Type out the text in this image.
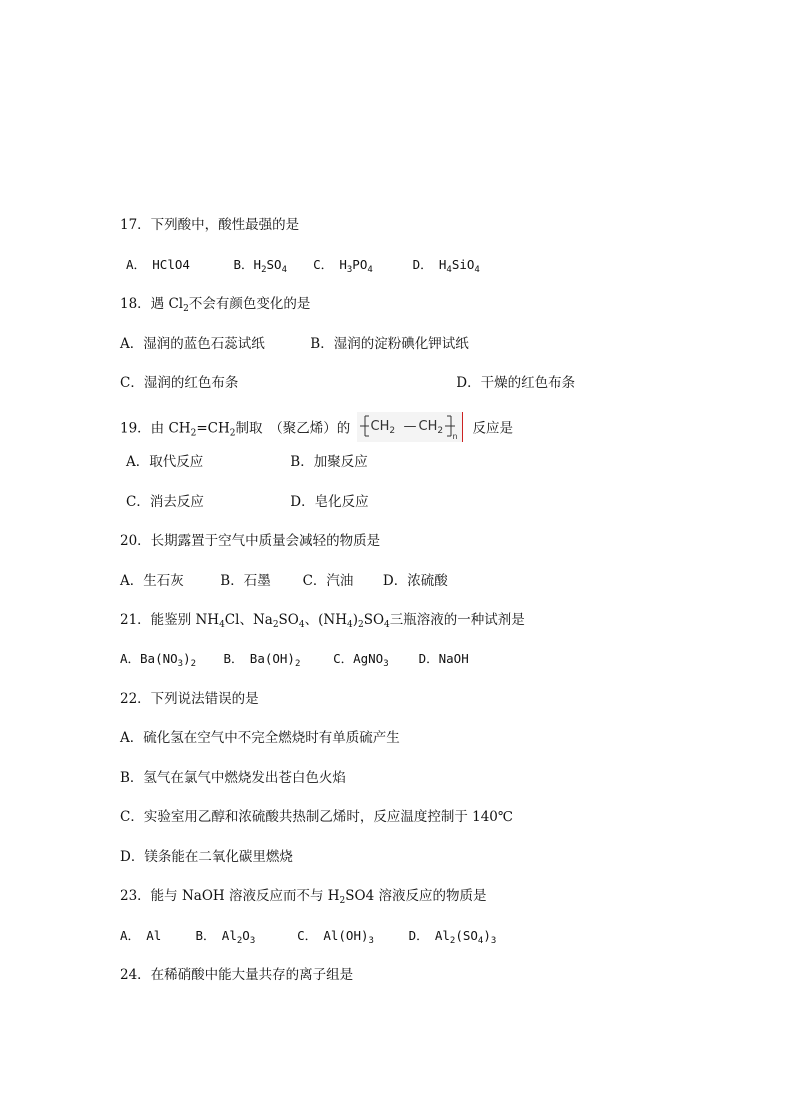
17．下列酸中，酸性最强的是
A．　HClO4	B．$H_2SO_4$ C．　$H_3PO_4$	D．　$H_4SiO_4$
18．遇 $Cl_2$不会有颜色变化的是
A．湿润的蓝色石蕊试纸	B．湿润的淀粉碘化钾试纸
C．湿润的红色布条	D．干燥的红色布条
19．由 $CH_2=CH_2$制取　（聚乙烯）的 $CH_2$ — $CH_2$
n 反应是
A．取代反应	B．加聚反应
C．消去反应	D．皂化反应
20．长期露置于空气中质量会减轻的物质是
A．生石灰	B．石墨 C．汽油 D．浓硫酸
21．能鉴别 $NH_4Cl$、$Na_2SO_4$、$(NH_4)_2SO_4$三瓶溶液的一种试剂是
A．$Ba(NO_3)_2$ B．　$Ba(OH)_2$	C．AgNO$_3$ D．NaOH
22．下列说法错误的是
A．硫化氢在空气中不完全燃烧时有单质硫产生
B．氢气在氯气中燃烧发出苍白色火焰
C．实验室用乙醇和浓硫酸共热制乙烯时，反应温度控制于 140℃
D．镁条能在二氧化碳里燃烧
23．能与 NaOH 溶液反应而不与 $H_2SO4$ 溶液反应的物质是
A．　Al	B．　$Al_2O_3$	C．　$Al(OH)_3$	D．　$Al_2(SO_4)_3$
24．在稀硝酸中能大量共存的离子组是
